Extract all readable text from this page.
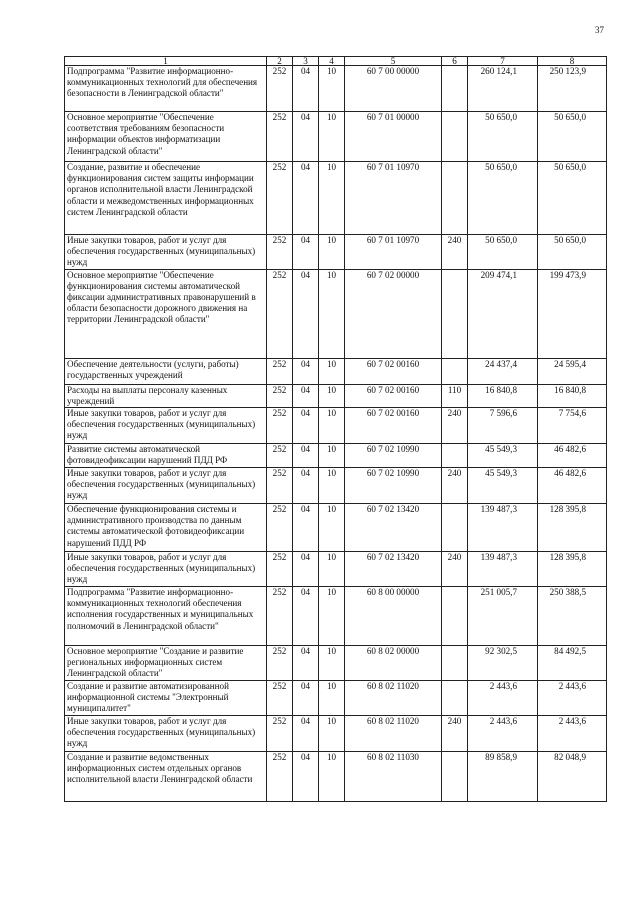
37
1	2	3	4	5	6	7	8
Подпрограмма "Развитие информационно-коммуникационных технологий для обеспечения безопасности в Ленинградской области"	252	04	10	60 7 00 00000		260 124,1	250 123,9
Основное мероприятие "Обеспечение соответствия требованиям безопасности информации объектов информатизации Ленинградской области"	252	04	10	60 7 01 00000		50 650,0	50 650,0
Создание, развитие и обеспечение функционирования систем защиты информации органов исполнительной власти Ленинградской области и межведомственных информационных систем Ленинградской области	252	04	10	60 7 01 10970		50 650,0	50 650,0
Иные закупки товаров, работ и услуг для обеспечения государственных (муниципальных) нужд	252	04	10	60 7 01 10970	240	50 650,0	50 650,0
Основное мероприятие "Обеспечение функционирования системы автоматической фиксации административных правонарушений в области безопасности дорожного движения на территории Ленинградской области"	252	04	10	60 7 02 00000		209 474,1	199 473,9
Обеспечение деятельности (услуги, работы) государственных учреждений	252	04	10	60 7 02 00160		24 437,4	24 595,4
Расходы на выплаты персоналу казенных учреждений	252	04	10	60 7 02 00160	110	16 840,8	16 840,8
Иные закупки товаров, работ и услуг для обеспечения государственных (муниципальных) нужд	252	04	10	60 7 02 00160	240	7 596,6	7 754,6
Развитие системы автоматической фотовидеофиксации нарушений ПДД РФ	252	04	10	60 7 02 10990		45 549,3	46 482,6
Иные закупки товаров, работ и услуг для обеспечения государственных (муниципальных) нужд	252	04	10	60 7 02 10990	240	45 549,3	46 482,6
Обеспечение функционирования системы и административного производства по данным системы автоматической фотовидеофиксации нарушений ПДД РФ	252	04	10	60 7 02 13420		139 487,3	128 395,8
Иные закупки товаров, работ и услуг для обеспечения государственных (муниципальных) нужд	252	04	10	60 7 02 13420	240	139 487,3	128 395,8
Подпрограмма "Развитие информационно-коммуникационных технологий обеспечения исполнения государственных и муниципальных полномочий в Ленинградской области"	252	04	10	60 8 00 00000		251 005,7	250 388,5
Основное мероприятие "Создание и развитие региональных информационных систем Ленинградской области"	252	04	10	60 8 02 00000		92 302,5	84 492,5
Создание и развитие автоматизированной информационной системы "Электронный муниципалитет"	252	04	10	60 8 02 11020		2 443,6	2 443,6
Иные закупки товаров, работ и услуг для обеспечения государственных (муниципальных) нужд	252	04	10	60 8 02 11020	240	2 443,6	2 443,6
Создание и развитие ведомственных информационных систем отдельных органов исполнительной власти Ленинградской области	252	04	10	60 8 02 11030		89 858,9	82 048,9
